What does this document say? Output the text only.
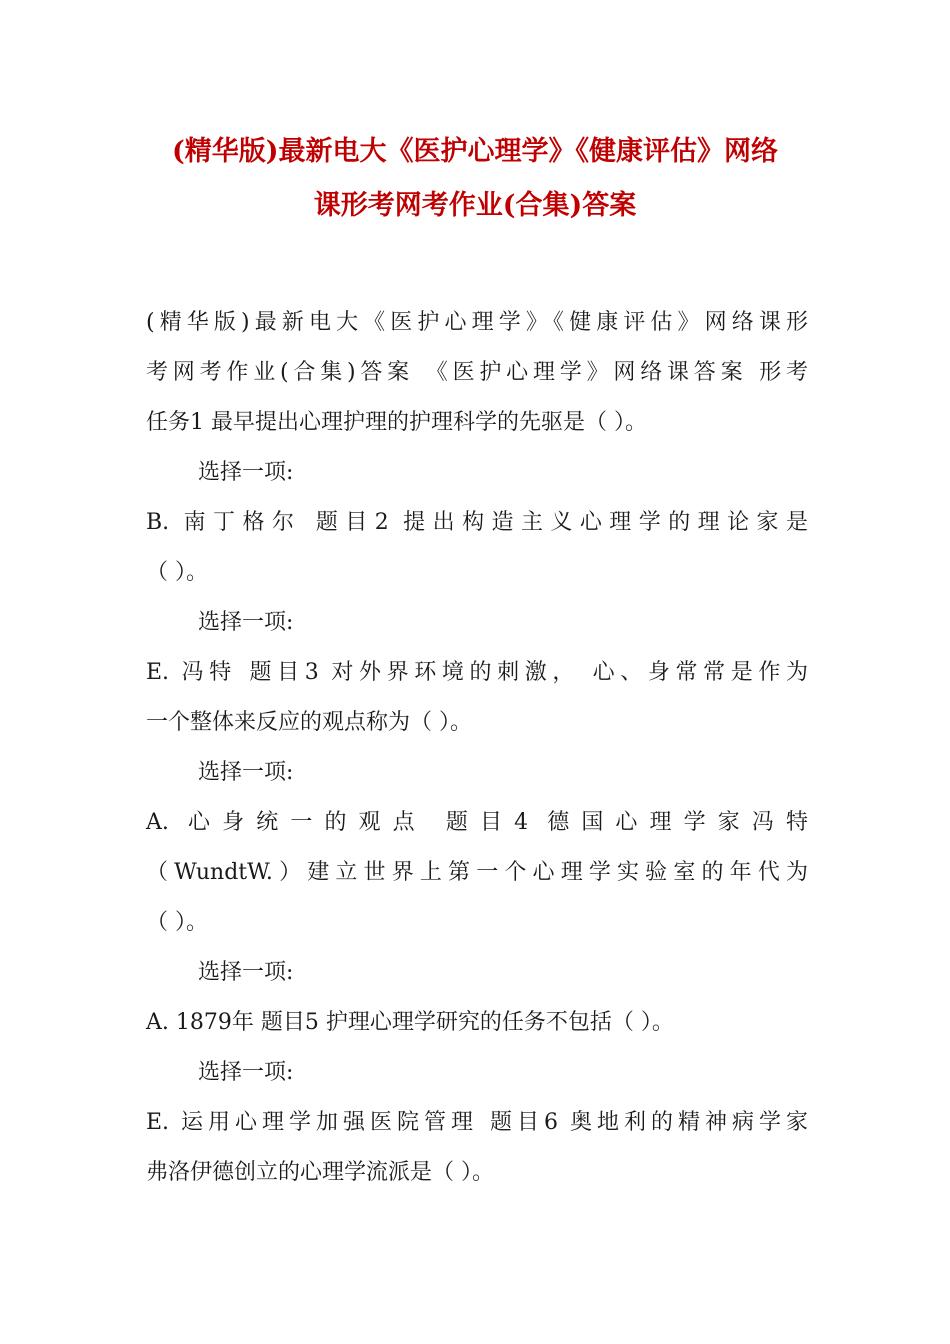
(精华版)最新电大《医护心理学》《健康评估》网络
课形考网考作业(合集)答案
(精华版)最新电大《医护心理学》《健康评估》网络课形
考网考作业(合集)答案 《医护心理学》网络课答案 形考
任务1 最早提出心理护理的护理科学的先驱是（ ）。
选择一项:
B. 南丁格尔 题目2 提出构造主义心理学的理论家是
（ ）。
选择一项:
E. 冯特 题目3 对外界环境的刺激， 心、身常常是作为
一个整体来反应的观点称为（ ）。
选择一项:
A. 心身统一的观点 题目4 德国心理学家冯特
（WundtW.）建立世界上第一个心理学实验室的年代为
（ ）。
选择一项:
A. 1879年 题目5 护理心理学研究的任务不包括（ ）。
选择一项:
E. 运用心理学加强医院管理 题目6 奥地利的精神病学家
弗洛伊德创立的心理学流派是（ ）。
